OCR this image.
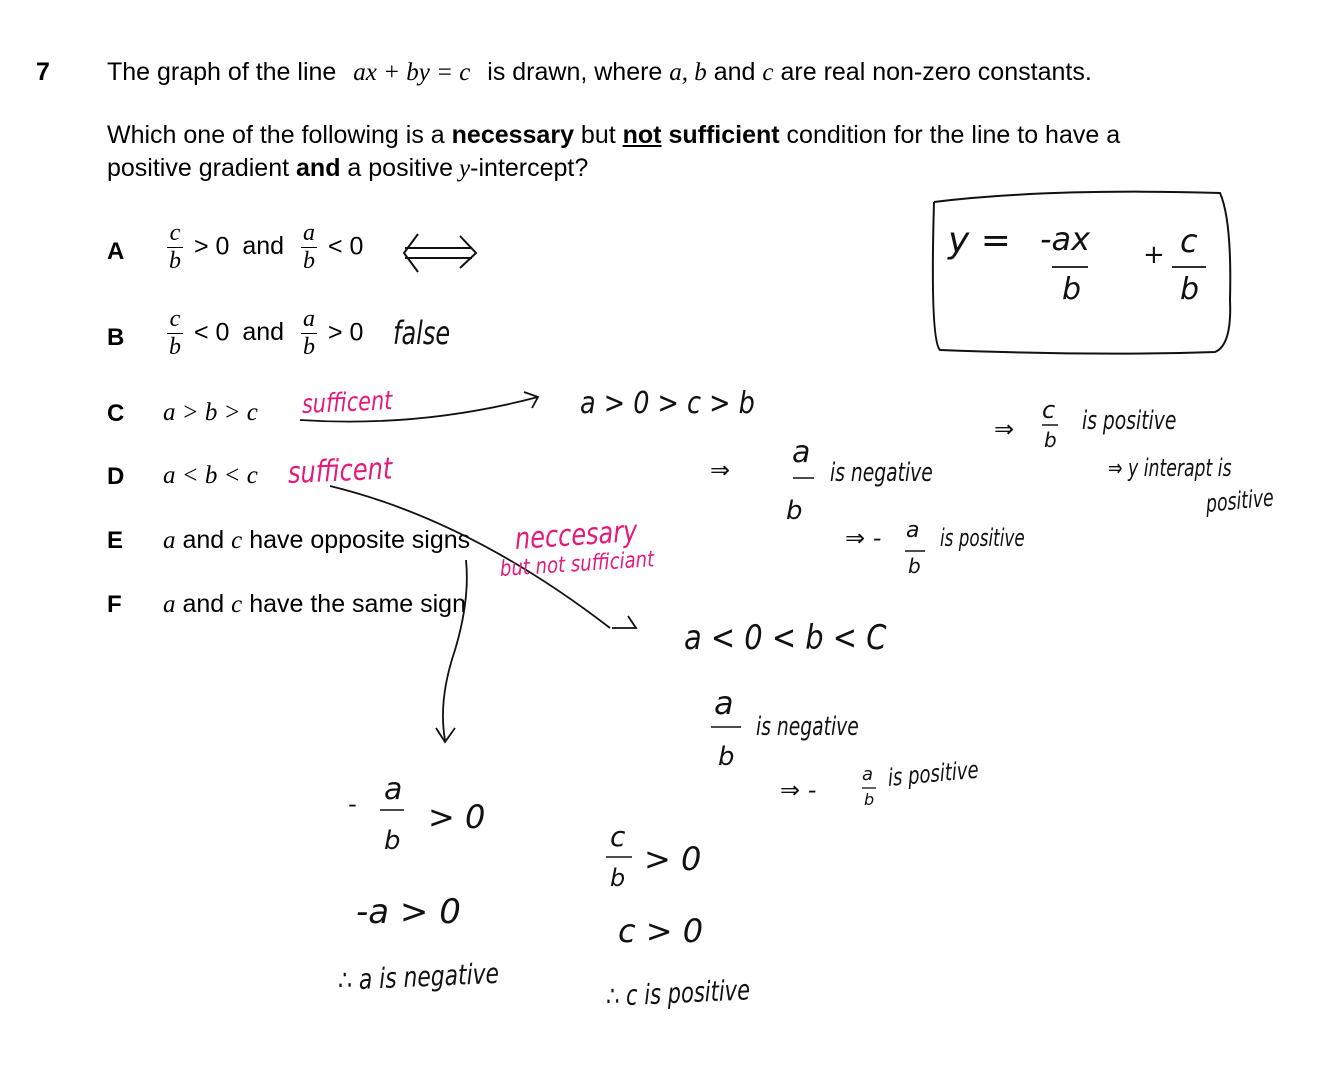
7 The graph of the line ax + by = c is drawn, where a, b and c are real non-zero constants.
Which one of the following is a necessary but not sufficient condition for the line to have a
positive gradient and a positive y-intercept?
A $\frac{c}{b} > 0$ and $\frac{a}{b} < 0$
B $\frac{c}{b} < 0$ and $\frac{a}{b} > 0$
C a > b > c
D a < b < c
E a and c have opposite signs
F a and c have the same sign
y = -ax
b
+ c
b
false
sufficent
sufficent
neccesary
but not sufficiant
a > 0 > c > b
⇒ a
b
is negative
⇒ - a
b
is positive
⇒
c
b
is positive
⇒ y interapt is
positive
a < 0 < b < C
a
b
is negative
⇒ -
a
b
is positive
- a
b
> 0
-a > 0
∴ a is negative
c
b > 0
c > 0
∴ c is positive
